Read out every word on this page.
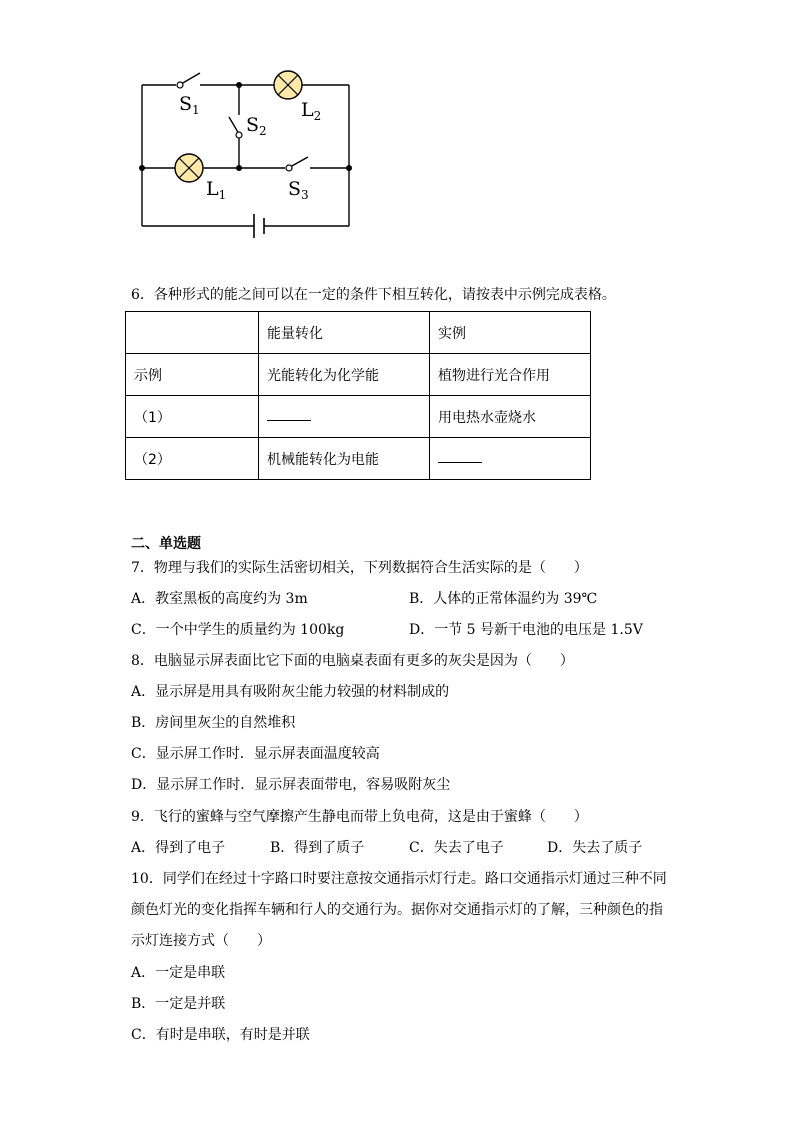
$S_1$	$L_2$
$S_2$
$L_1$	$S_3$
6．各种形式的能之间可以在一定的条件下相互转化，请按表中示例完成表格。
	能量转化	实例
示例	光能转化为化学能	植物进行光合作用
（1）		用电热水壶烧水
（2）	机械能转化为电能	
二、单选题
7．物理与我们的实际生活密切相关，下列数据符合生活实际的是（　　）
A．教室黑板的高度约为 3m	B．人体的正常体温约为 39℃
C．一个中学生的质量约为 100kg	D．一节 5 号新干电池的电压是 1.5V
8．电脑显示屏表面比它下面的电脑桌表面有更多的灰尖是因为（　　）
A．显示屏是用具有吸附灰尘能力较强的材料制成的
B．房间里灰尘的自然堆积
C．显示屏工作时．显示屏表面温度较高
D．显示屏工作时．显示屏表面带电，容易吸附灰尘
9．飞行的蜜蜂与空气摩擦产生静电而带上负电荷，这是由于蜜蜂（　　）
A．得到了电子	B．得到了质子	C．失去了电子	D．失去了质子
10．同学们在经过十字路口时要注意按交通指示灯行走。路口交通指示灯通过三种不同
颜色灯光的变化指挥车辆和行人的交通行为。据你对交通指示灯的了解，三种颜色的指
示灯连接方式（　　）
A．一定是串联
B．一定是并联
C．有时是串联，有时是并联
